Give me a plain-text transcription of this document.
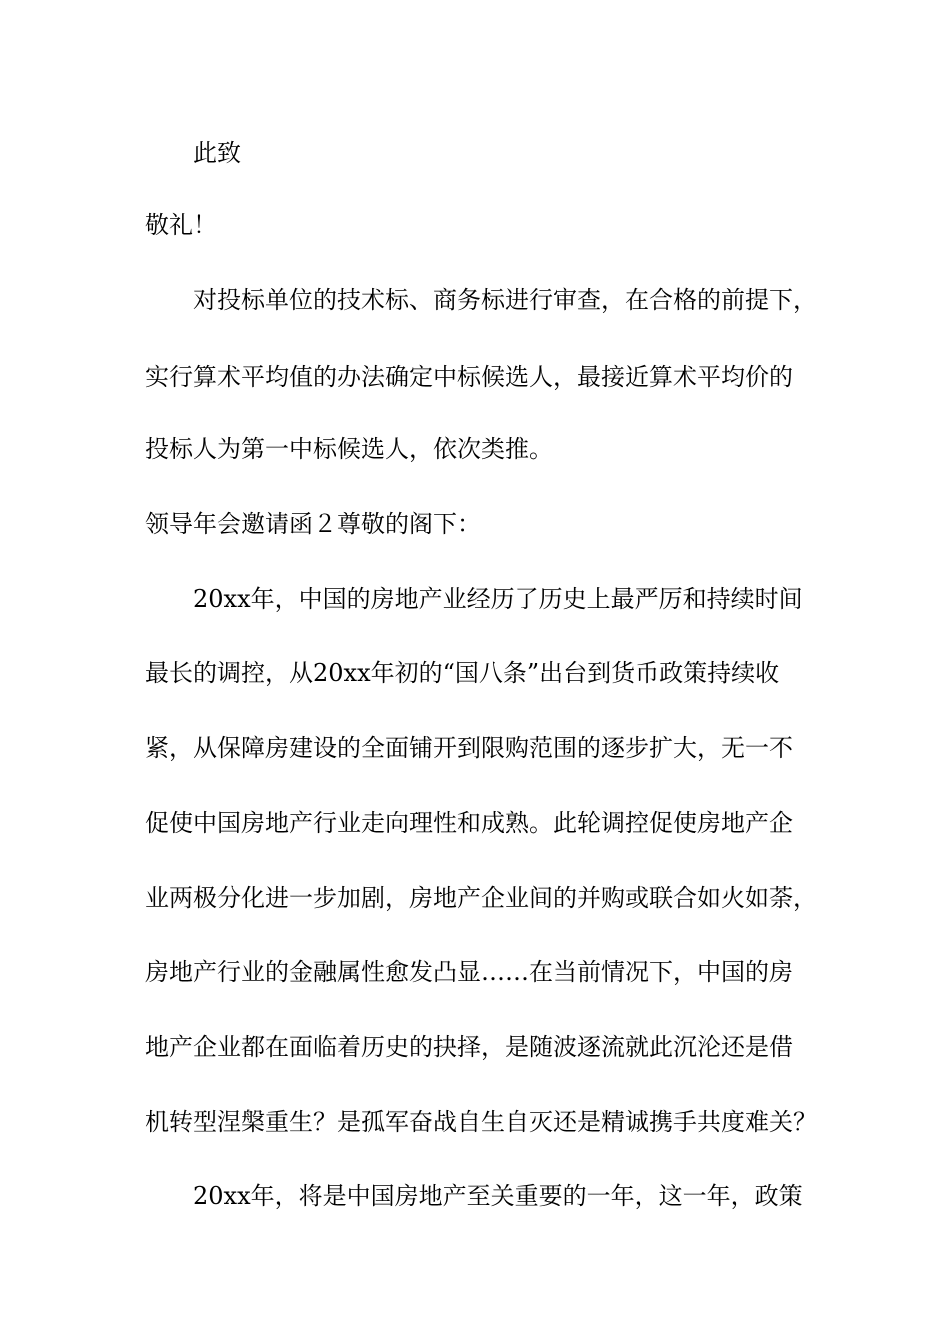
此致
敬礼！
对投标单位的技术标、商务标进行审查，在合格的前提下，
实行算术平均值的办法确定中标候选人，最接近算术平均价的
投标人为第一中标候选人，依次类推。
领导年会邀请函２尊敬的阁下：
20xx年，中国的房地产业经历了历史上最严厉和持续时间
最长的调控，从20xx年初的“国八条”出台到货币政策持续收
紧，从保障房建设的全面铺开到限购范围的逐步扩大，无一不
促使中国房地产行业走向理性和成熟。此轮调控促使房地产企
业两极分化进一步加剧，房地产企业间的并购或联合如火如荼，
房地产行业的金融属性愈发凸显……在当前情况下，中国的房
地产企业都在面临着历史的抉择，是随波逐流就此沉沦还是借
机转型涅槃重生？是孤军奋战自生自灭还是精诚携手共度难关？
20xx年，将是中国房地产至关重要的一年，这一年，政策
